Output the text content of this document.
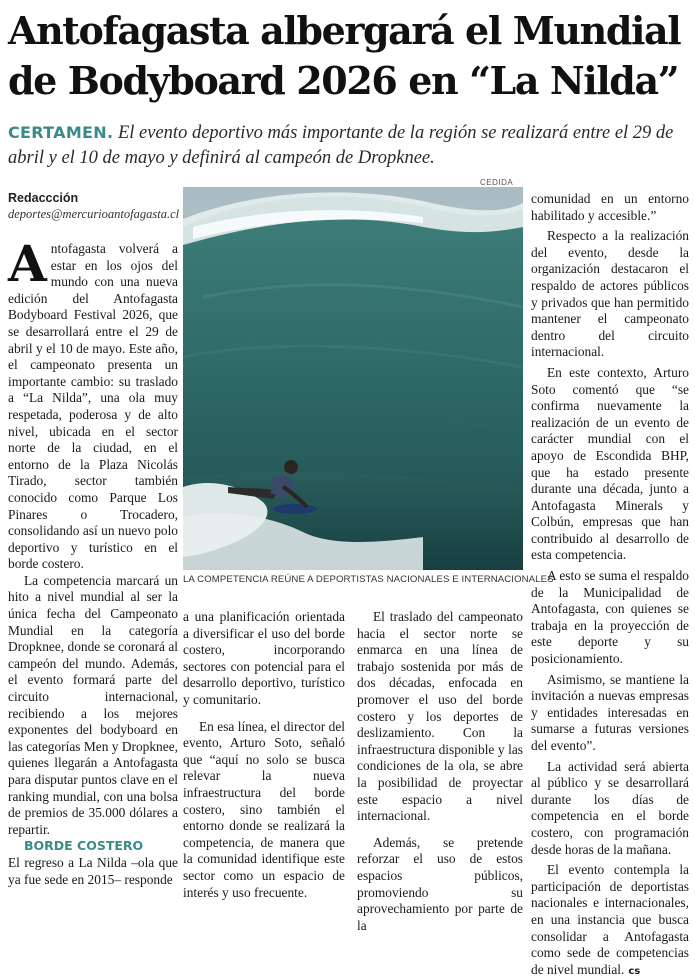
Antofagasta albergará el Mundial
de Bodyboard 2026 en “La Nilda”

CERTAMEN. El evento deportivo más importante de la región se realizará entre el 29 de abril y el 10 de mayo y definirá al campeón de Dropknee.

Redaccción
deportes@mercurioantofagasta.cl

Antofagasta volverá a estar en los ojos del mundo con una nueva edición del Antofagasta Bodyboard Festival 2026, que se desarrollará entre el 29 de abril y el 10 de mayo. Este año, el campeonato presenta un importante cambio: su traslado a “La Nilda”, una ola muy respetada, poderosa y de alto nivel, ubicada en el sector norte de la ciudad, en el entorno de la Plaza Nicolás Tirado, sector también conocido como Parque Los Pinares o Trocadero, consolidando así un nuevo polo deportivo y turístico en el borde costero.

La competencia marcará un hito a nivel mundial al ser la única fecha del Campeonato Mundial en la categoría Dropknee, donde se coronará al campeón del mundo. Además, el evento formará parte del circuito internacional, recibiendo a los mejores exponentes del bodyboard en las categorías Men y Dropknee, quienes llegarán a Antofagasta para disputar puntos clave en el ranking mundial, con una bolsa de premios de 35.000 dólares a repartir.

BORDE COSTERO

El regreso a La Nilda –ola que ya fue sede en 2015– responde

CEDIDA
LA COMPETENCIA REÚNE A DEPORTISTAS NACIONALES E INTERNACIONALES

a una planificación orientada a diversificar el uso del borde costero, incorporando sectores con potencial para el desarrollo deportivo, turístico y comunitario.

En esa línea, el director del evento, Arturo Soto, señaló que “aquí no solo se busca relevar la nueva infraestructura del borde costero, sino también el entorno donde se realizará la competencia, de manera que la comunidad identifique este sector como un espacio de interés y uso frecuente.

El traslado del campeonato hacia el sector norte se enmarca en una línea de trabajo sostenida por más de dos décadas, enfocada en promover el uso del borde costero y los deportes de deslizamiento. Con la infraestructura disponible y las condiciones de la ola, se abre la posibilidad de proyectar este espacio a nivel internacional.

Además, se pretende reforzar el uso de estos espacios públicos, promoviendo su aprovechamiento por parte de la

comunidad en un entorno habilitado y accesible.”

Respecto a la realización del evento, desde la organización destacaron el respaldo de actores públicos y privados que han permitido mantener el campeonato dentro del circuito internacional.

En este contexto, Arturo Soto comentó que “se confirma nuevamente la realización de un evento de carácter mundial con el apoyo de Escondida BHP, que ha estado presente durante una década, junto a Antofagasta Minerals y Colbún, empresas que han contribuido al desarrollo de esta competencia.

A esto se suma el respaldo de la Municipalidad de Antofagasta, con quienes se trabaja en la proyección de este deporte y su posicionamiento.

Asimismo, se mantiene la invitación a nuevas empresas y entidades interesadas en sumarse a futuras versiones del evento”.

La actividad será abierta al público y se desarrollará durante los días de competencia en el borde costero, con programación desde horas de la mañana.

El evento contempla la participación de deportistas nacionales e internacionales, en una instancia que busca consolidar a Antofagasta como sede de competencias de nivel mundial. cs
